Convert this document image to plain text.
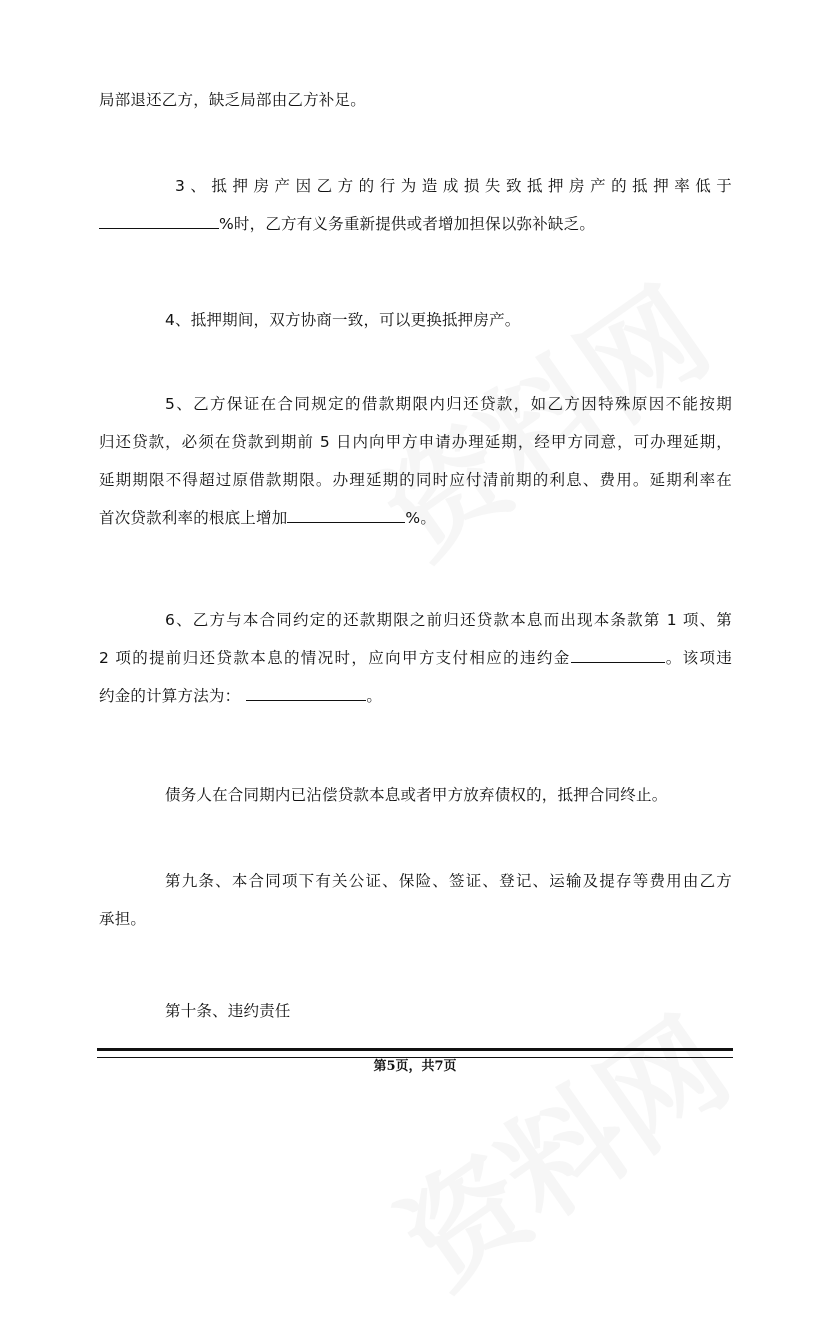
局部退还乙方，缺乏局部由乙方补足。
3、抵押房产因乙方的行为造成损失致抵押房产的抵押率低于
%时，乙方有义务重新提供或者增加担保以弥补缺乏。
4、抵押期间，双方协商一致，可以更换抵押房产。
5、乙方保证在合同规定的借款期限内归还贷款，如乙方因特殊原因不能按期
归还贷款，必须在贷款到期前 5 日内向甲方申请办理延期，经甲方同意，可办理延期，
延期期限不得超过原借款期限。办理延期的同时应付清前期的利息、费用。延期利率在
首次贷款利率的根底上增加	%。
6、乙方与本合同约定的还款期限之前归还贷款本息而出现本条款第 1 项、第
2 项的提前归还贷款本息的情况时，应向甲方支付相应的违约金	。该项违
约金的计算方法为：	。
债务人在合同期内已沾偿贷款本息或者甲方放弃债权的，抵押合同终止。
第九条、本合同项下有关公证、保险、签证、登记、运输及提存等费用由乙方
承担。
第十条、违约责任
第5页，共7页
